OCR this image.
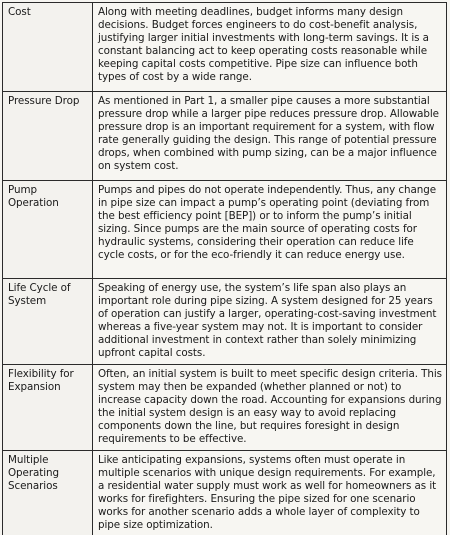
Cost	Along with meeting deadlines, budget informs many design decisions. Budget forces engineers to do cost-benefit analysis, justifying larger initial investments with long-term savings. It is a constant balancing act to keep operating costs reasonable while keeping capital costs competitive. Pipe size can influence both types of cost by a wide range.
Pressure Drop	As mentioned in Part 1, a smaller pipe causes a more substantial pressure drop while a larger pipe reduces pressure drop. Allowable pressure drop is an important requirement for a system, with flow rate generally guiding the design. This range of potential pressure drops, when combined with pump sizing, can be a major influence on system cost.
Pump Operation	Pumps and pipes do not operate independently. Thus, any change in pipe size can impact a pump’s operating point (deviating from the best efficiency point [BEP]) or to inform the pump’s initial sizing. Since pumps are the main source of operating costs for hydraulic systems, considering their operation can reduce life cycle costs, or for the eco-friendly it can reduce energy use.
Life Cycle of System	Speaking of energy use, the system’s life span also plays an important role during pipe sizing. A system designed for 25 years of operation can justify a larger, operating-cost-saving investment whereas a five-year system may not. It is important to consider additional investment in context rather than solely minimizing upfront capital costs.
Flexibility for Expansion	Often, an initial system is built to meet specific design criteria. This system may then be expanded (whether planned or not) to increase capacity down the road. Accounting for expansions during the initial system design is an easy way to avoid replacing components down the line, but requires foresight in design requirements to be effective.
Multiple Operating Scenarios	Like anticipating expansions, systems often must operate in multiple scenarios with unique design requirements. For example, a residential water supply must work as well for homeowners as it works for firefighters. Ensuring the pipe sized for one scenario works for another scenario adds a whole layer of complexity to pipe size optimization.
